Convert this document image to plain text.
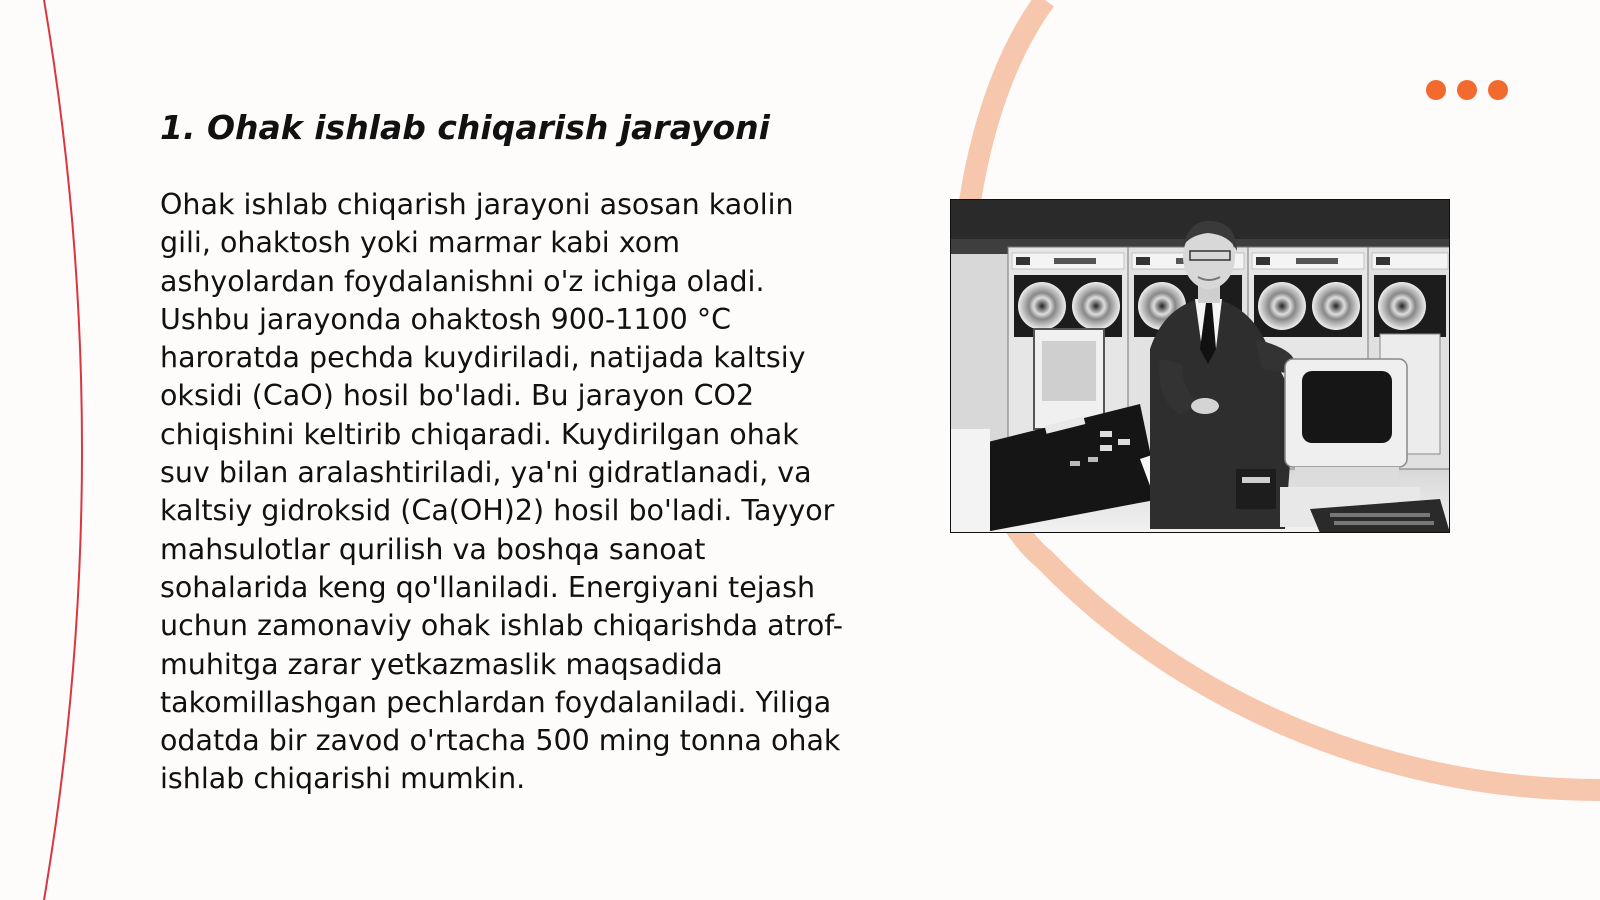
1. Ohak ishlab chiqarish jarayoni

Ohak ishlab chiqarish jarayoni asosan kaolin gili, ohaktosh yoki marmar kabi xom ashyolardan foydalanishni o'z ichiga oladi. Ushbu jarayonda ohaktosh 900-1100 °C haroratda pechda kuydiriladi, natijada kaltsiy oksidi (CaO) hosil bo'ladi. Bu jarayon CO2 chiqishini keltirib chiqaradi. Kuydirilgan ohak suv bilan aralashtiriladi, ya'ni gidratlanadi, va kaltsiy gidroksid (Ca(OH)2) hosil bo'ladi. Tayyor mahsulotlar qurilish va boshqa sanoat sohalarida keng qo'llaniladi. Energiyani tejash uchun zamonaviy ohak ishlab chiqarishda atrof-muhitga zarar yetkazmaslik maqsadida takomillashgan pechlardan foydalaniladi. Yiliga odatda bir zavod o'rtacha 500 ming tonna ohak ishlab chiqarishi mumkin.
